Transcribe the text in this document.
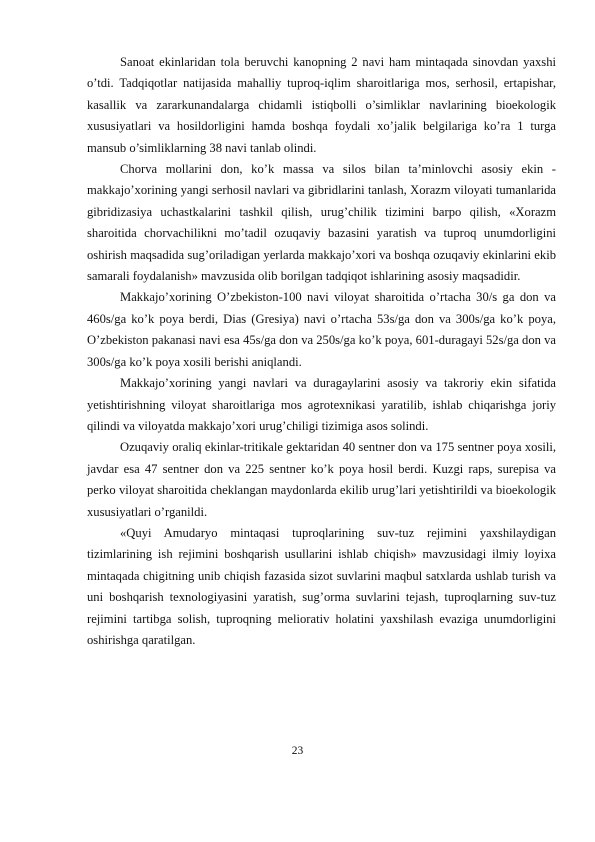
Sanoat ekinlaridan tola beruvchi kanopning 2 navi ham mintaqada sinovdan yaxshi o’tdi. Tadqiqotlar natijasida mahalliy tuproq-iqlim sharoitlariga mos, serhosil, ertapishar, kasallik va zararkunandalarga chidamli istiqbolli o’simliklar navlarining bioekologik xususiyatlari va hosildorligini hamda boshqa foydali xo’jalik belgilariga ko’ra 1 turga mansub o’simliklarning 38 navi tanlab olindi.

Chorva mollarini don, ko’k massa va silos bilan ta’minlovchi asosiy ekin - makkajo’xorining yangi serhosil navlari va gibridlarini tanlash, Xorazm viloyati tumanlarida gibridizasiya uchastkalarini tashkil qilish, urug’chilik tizimini barpo qilish, «Xorazm sharoitida chorvachilikni mo’tadil ozuqaviy bazasini yaratish va tuproq unumdorligini oshirish maqsadida sug’oriladigan yerlarda makkajo’xori va boshqa ozuqaviy ekinlarini ekib samarali foydalanish» mavzusida olib borilgan tadqiqot ishlarining asosiy maqsadidir.

Makkajo’xorining O’zbekiston-100 navi viloyat sharoitida o’rtacha 30/s ga don va 460s/ga ko’k poya berdi, Dias (Gresiya) navi o’rtacha 53s/ga don va 300s/ga ko’k poya, O’zbekiston pakanasi navi esa 45s/ga don va 250s/ga ko’k poya, 601-duragayi 52s/ga don va 300s/ga ko’k poya xosili berishi aniqlandi.

Makkajo’xorining yangi navlari va duragaylarini asosiy va takroriy ekin sifatida yetishtirishning viloyat sharoitlariga mos agrotexnikasi yaratilib, ishlab chiqarishga joriy qilindi va viloyatda makkajo’xori urug’chiligi tizimiga asos solindi.

Ozuqaviy oraliq ekinlar-tritikale gektaridan 40 sentner don va 175 sentner poya xosili, javdar esa 47 sentner don va 225 sentner ko’k poya hosil berdi. Kuzgi raps, surepisa va perko viloyat sharoitida cheklangan maydonlarda ekilib urug’lari yetishtirildi va bioekologik xususiyatlari o’rganildi.

«Quyi Amudaryo mintaqasi tuproqlarining suv-tuz rejimini yaxshilaydigan tizimlarining ish rejimini boshqarish usullarini ishlab chiqish» mavzusidagi ilmiy loyixa mintaqada chigitning unib chiqish fazasida sizot suvlarini maqbul satxlarda ushlab turish va uni boshqarish texnologiyasini yaratish, sug’orma suvlarini tejash, tuproqlarning suv-tuz rejimini tartibga solish, tuproqning meliorativ holatini yaxshilash evaziga unumdorligini oshirishga qaratilgan.

23
